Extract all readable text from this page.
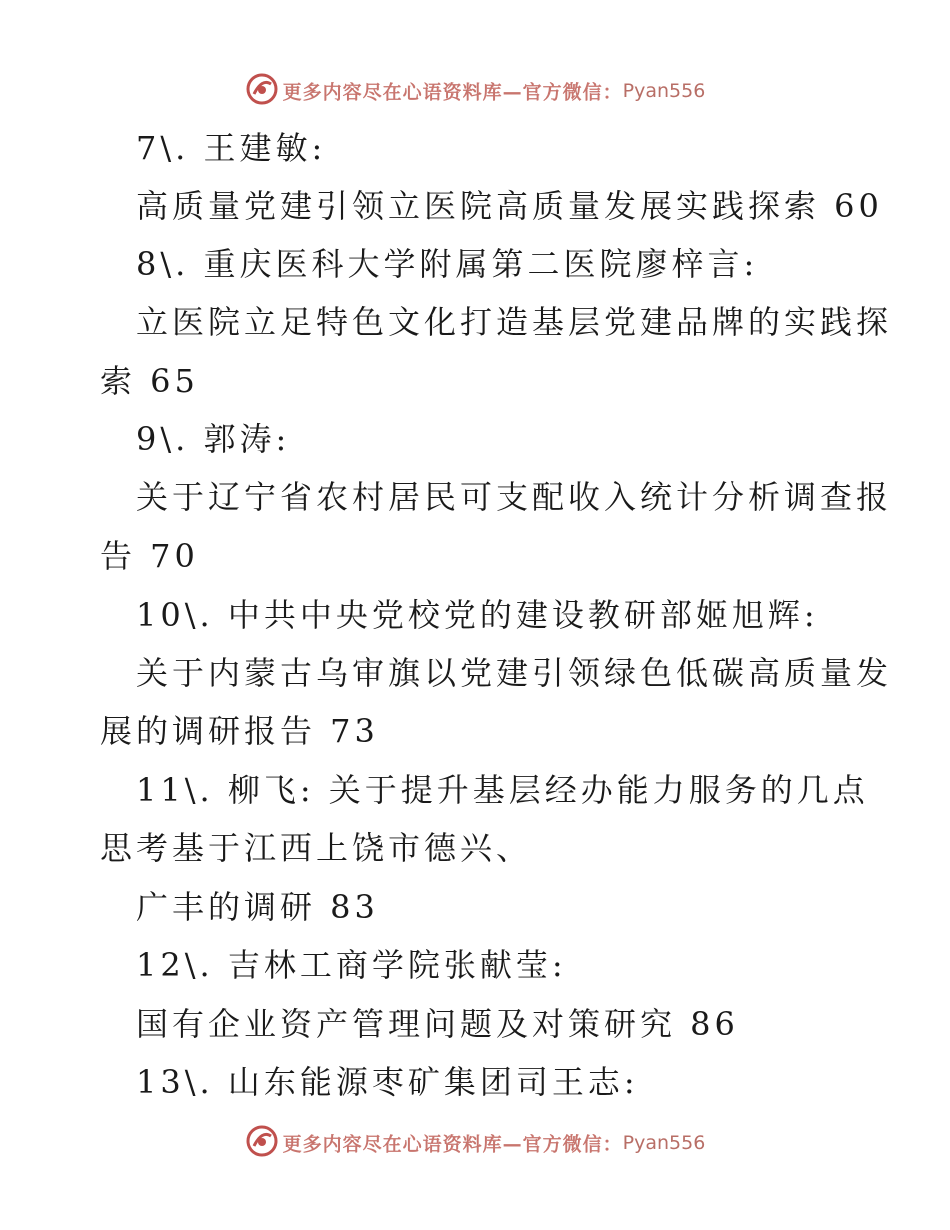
更多内容尽在心语资料库—官方微信：Pyan556
7\. 王建敏:
高质量党建引领立医院高质量发展实践探索 60
8\. 重庆医科大学附属第二医院廖梓言:
立医院立足特色文化打造基层党建品牌的实践探
索 65
9\. 郭涛:
关于辽宁省农村居民可支配收入统计分析调查报
告 70
10\. 中共中央党校党的建设教研部姬旭辉:
关于内蒙古乌审旗以党建引领绿色低碳高质量发
展的调研报告 73
11\. 柳飞: 关于提升基层经办能力服务的几点
思考基于江西上饶市德兴、
广丰的调研 83
12\. 吉林工商学院张献莹:
国有企业资产管理问题及对策研究 86
13\. 山东能源枣矿集团司王志:
更多内容尽在心语资料库—官方微信：Pyan556
